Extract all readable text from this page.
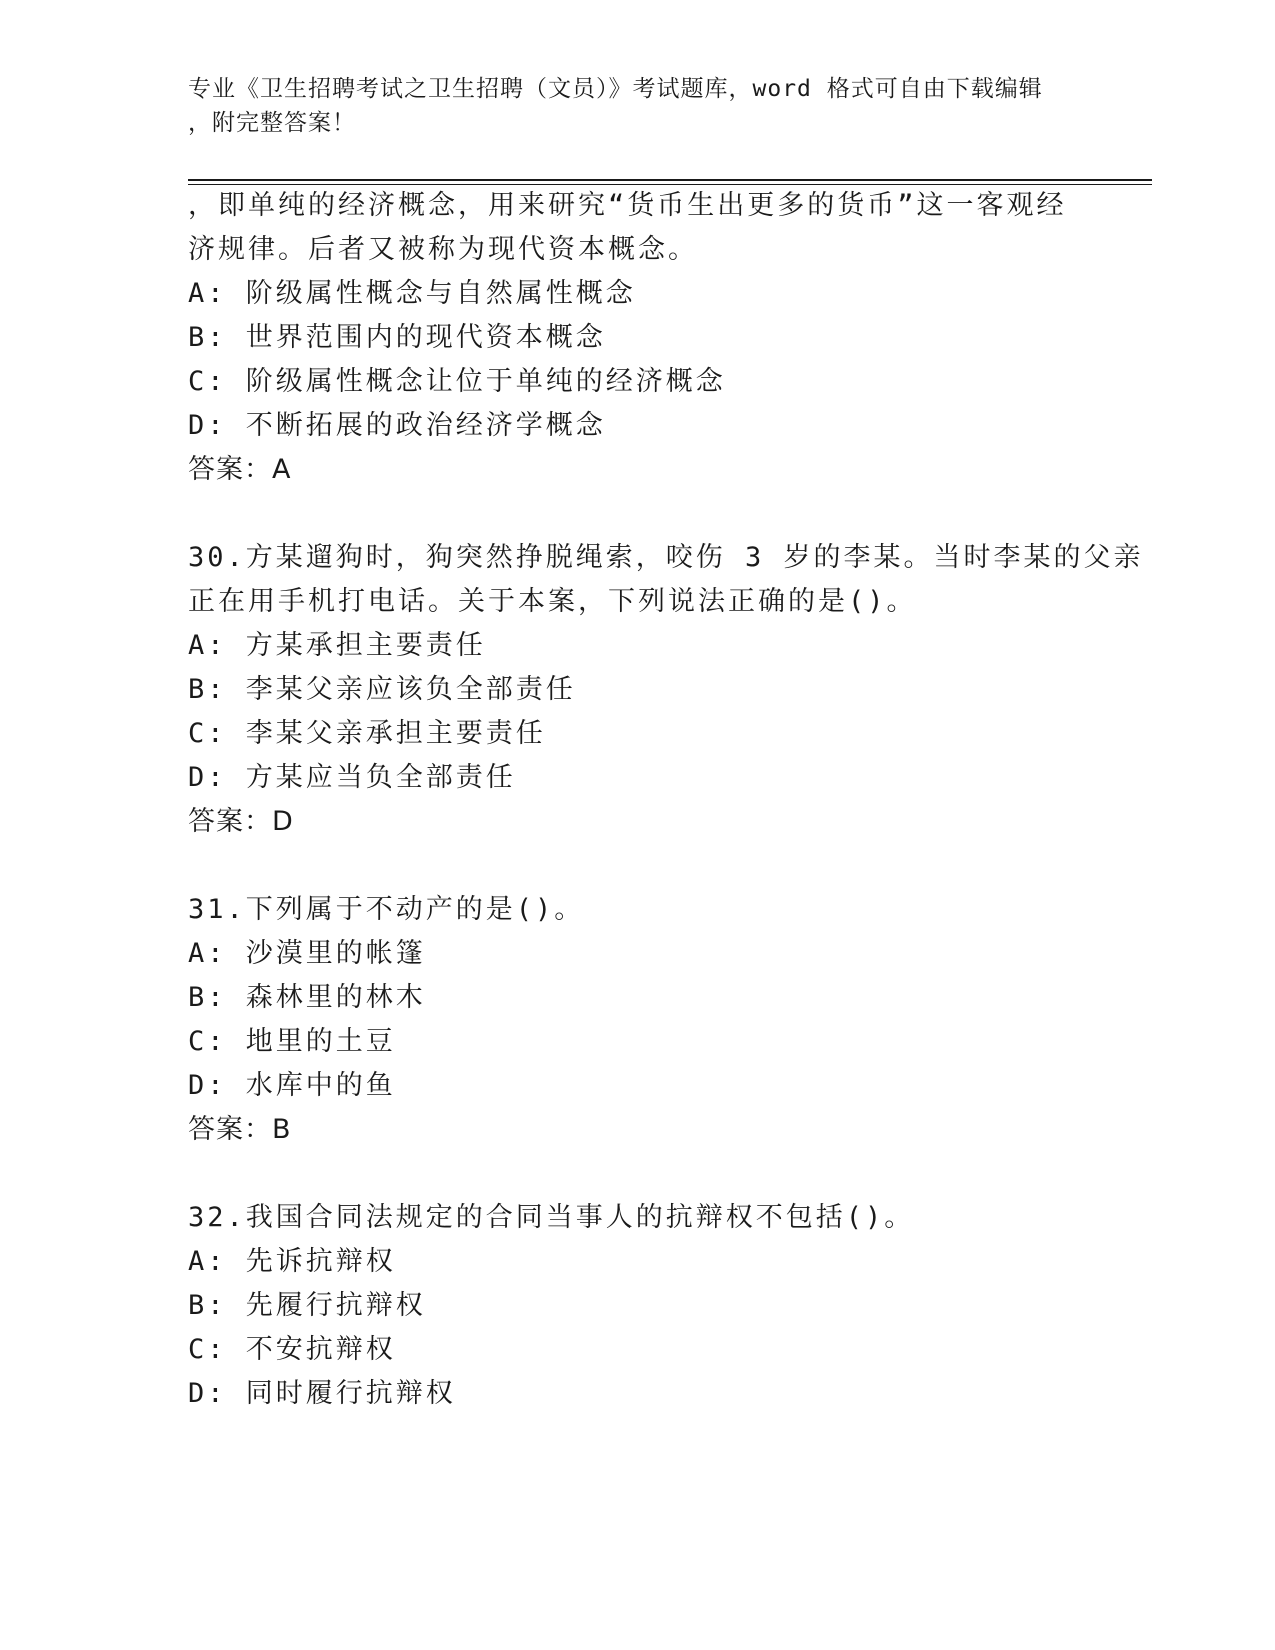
专业《卫生招聘考试之卫生招聘（文员）》考试题库，word 格式可自由下载编辑
，附完整答案！
，即单纯的经济概念，用来研究“货币生出更多的货币”这一客观经
济规律。后者又被称为现代资本概念。
A: 阶级属性概念与自然属性概念
B: 世界范围内的现代资本概念
C: 阶级属性概念让位于单纯的经济概念
D: 不断拓展的政治经济学概念
答案：A
30.方某遛狗时，狗突然挣脱绳索，咬伤 3 岁的李某。当时李某的父亲
正在用手机打电话。关于本案，下列说法正确的是()。
A: 方某承担主要责任
B: 李某父亲应该负全部责任
C: 李某父亲承担主要责任
D: 方某应当负全部责任
答案：D
31.下列属于不动产的是()。
A: 沙漠里的帐篷
B: 森林里的林木
C: 地里的土豆
D: 水库中的鱼
答案：B
32.我国合同法规定的合同当事人的抗辩权不包括()。
A: 先诉抗辩权
B: 先履行抗辩权
C: 不安抗辩权
D: 同时履行抗辩权
